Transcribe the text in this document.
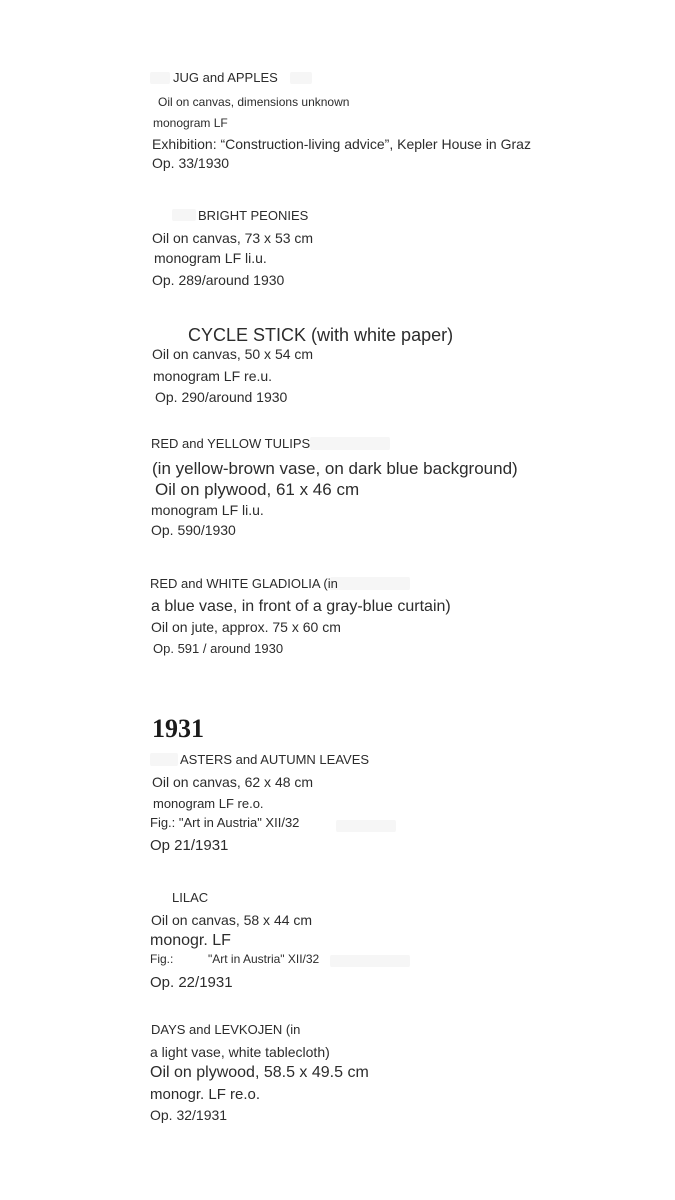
JUG and APPLES
Oil on canvas, dimensions unknown
monogram LF
Exhibition: “Construction-living advice”, Kepler House in Graz
Op. 33/1930
BRIGHT PEONIES
Oil on canvas, 73 x 53 cm
monogram LF li.u.
Op. 289/around 1930
CYCLE STICK (with white paper)
Oil on canvas, 50 x 54 cm
monogram LF re.u.
Op. 290/around 1930
RED and YELLOW TULIPS
(in yellow-brown vase, on dark blue background)
Oil on plywood, 61 x 46 cm
monogram LF li.u.
Op. 590/1930
RED and WHITE GLADIOLIA (in
a blue vase, in front of a gray-blue curtain)
Oil on jute, approx. 75 x 60 cm
Op. 591 / around 1930
1931
ASTERS and AUTUMN LEAVES
Oil on canvas, 62 x 48 cm
monogram LF re.o.
Fig.: "Art in Austria" XII/32
Op 21/1931
LILAC
Oil on canvas, 58 x 44 cm
monogr. LF
Fig.:	"Art in Austria" XII/32
Op. 22/1931
DAYS and LEVKOJEN (in
a light vase, white tablecloth)
Oil on plywood, 58.5 x 49.5 cm
monogr. LF re.o.
Op. 32/1931
